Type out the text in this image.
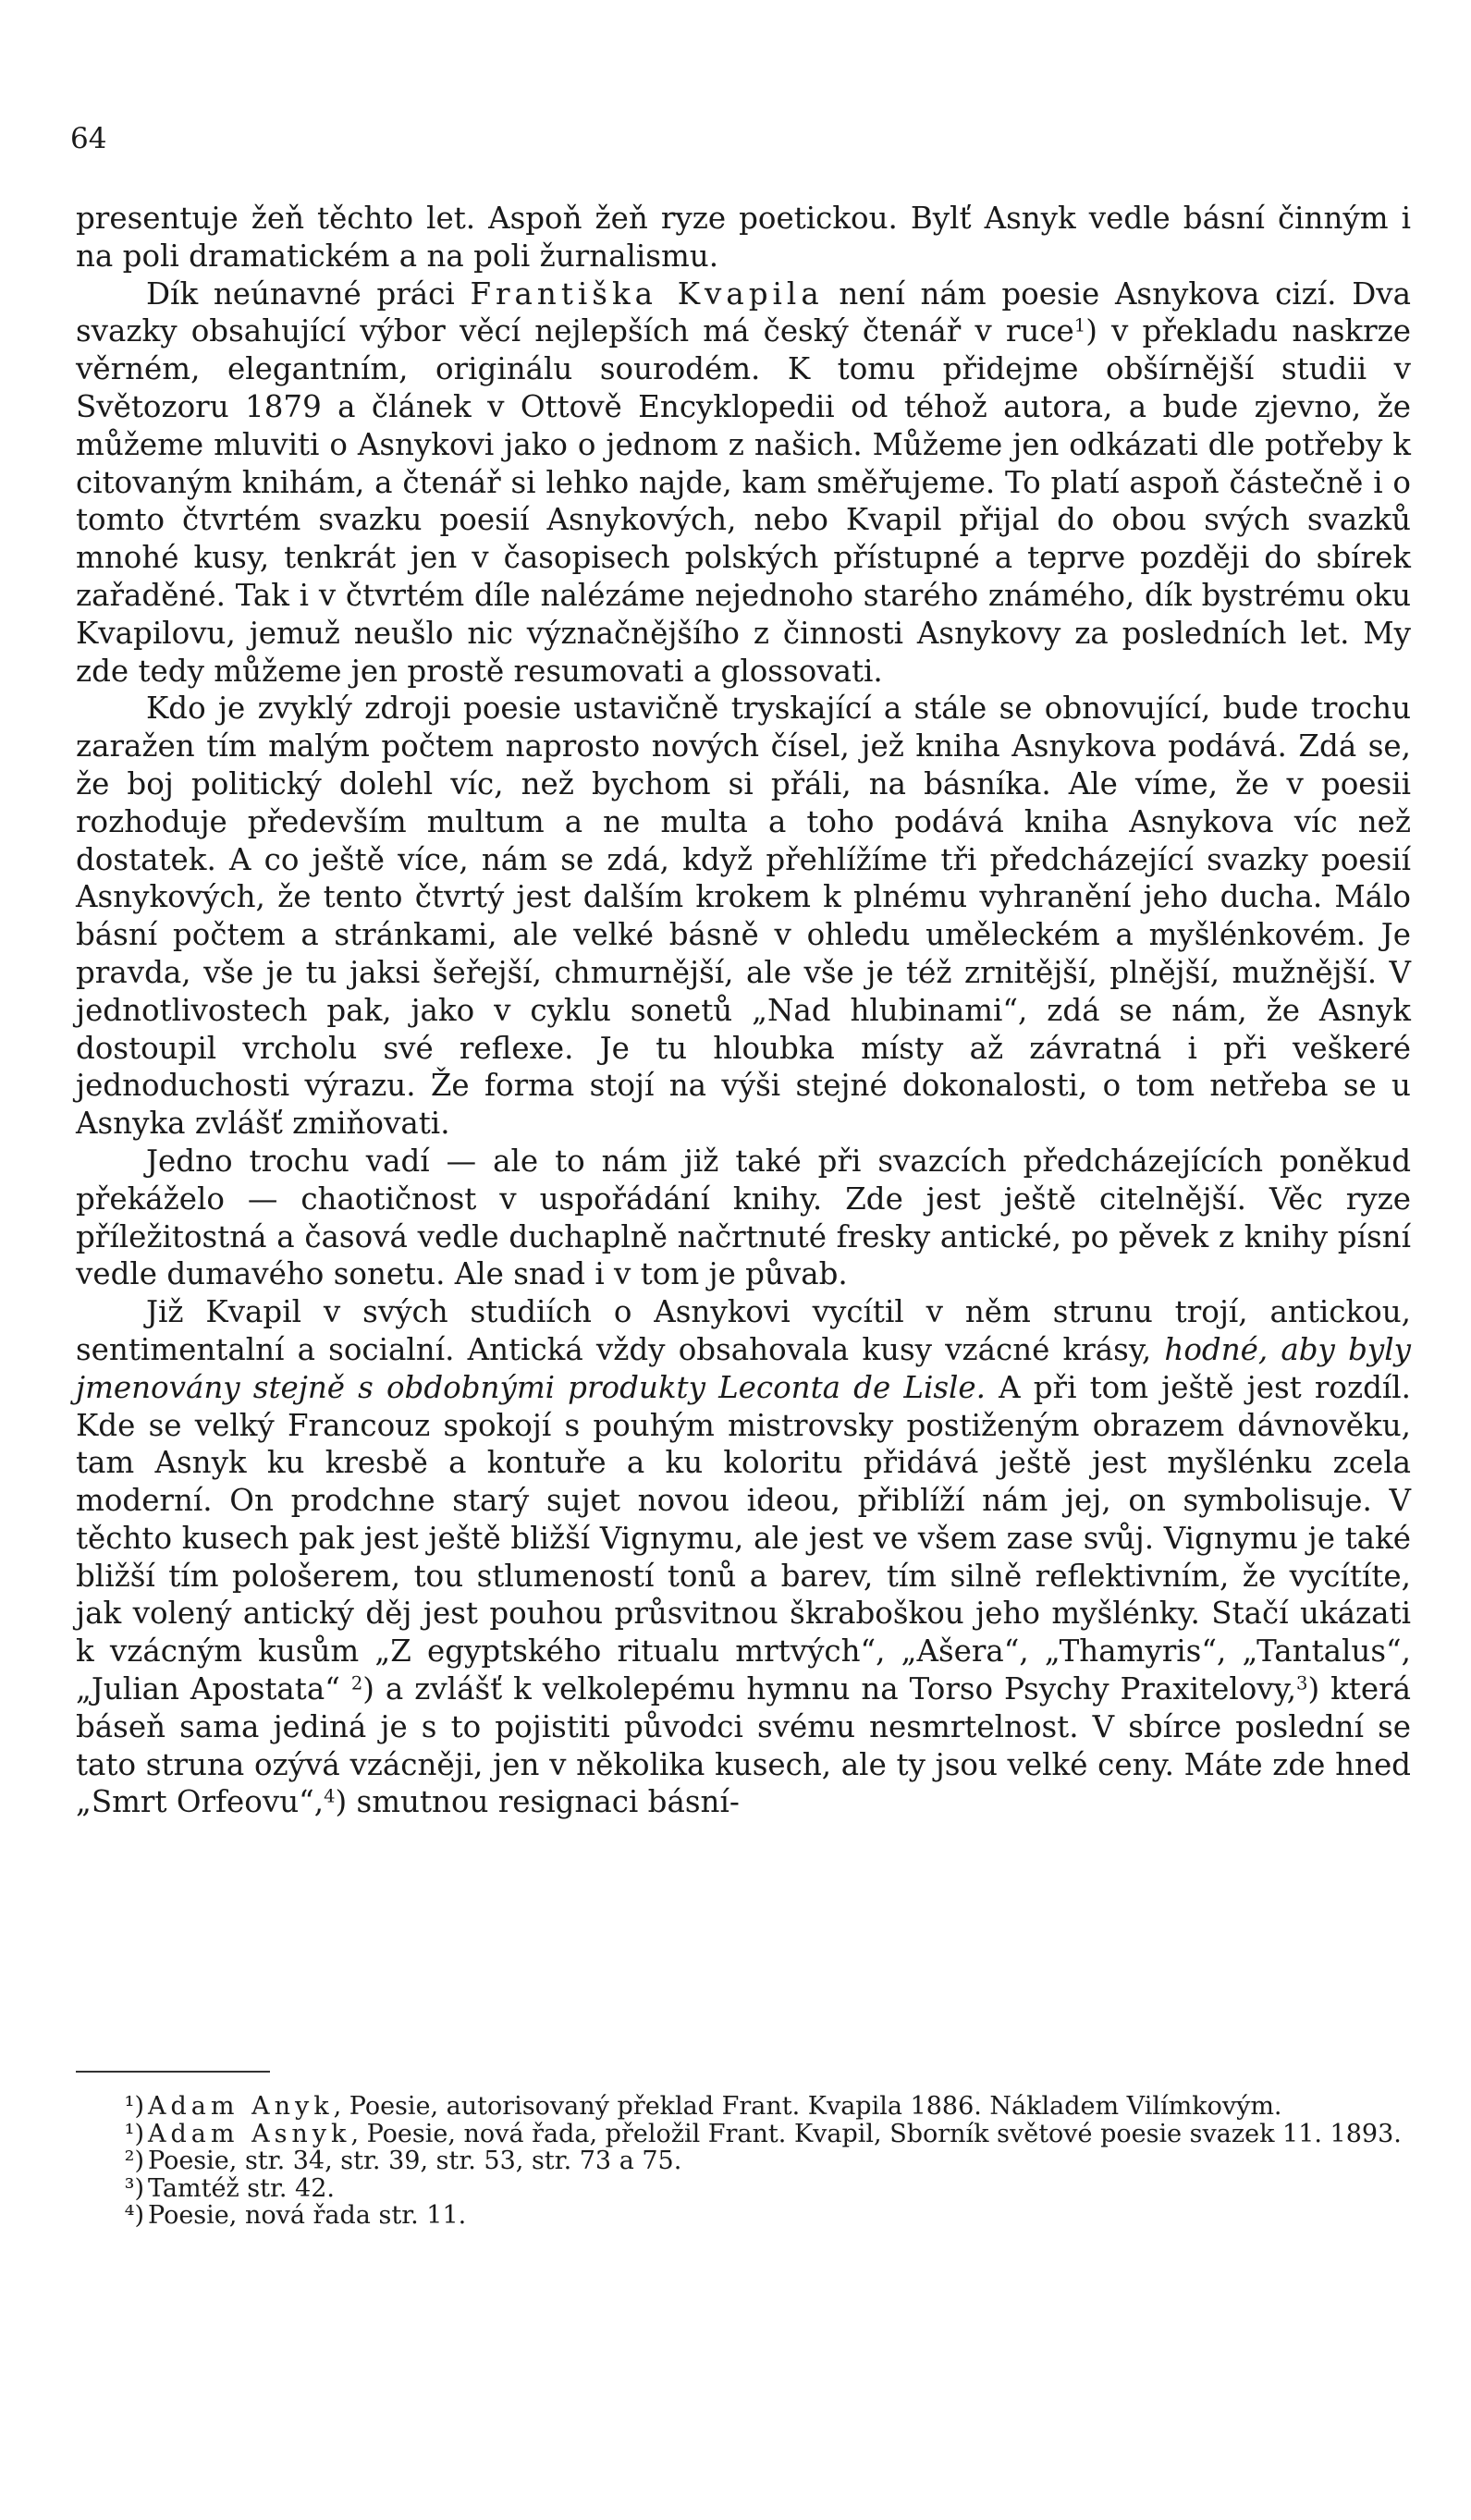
64

presentuje žeň těchto let. Aspoň žeň ryze poetickou. Bylť Asnyk vedle básní činným i na poli dramatickém a na poli žurnalismu.

Dík neúnavné práci Františka Kvapila není nám poesie Asnykova cizí. Dva svazky obsahující výbor věcí nejlepších má český čtenář v ruce$^1$) v překladu naskrze věrném, elegantním, originálu sourodém. K tomu přidejme obšírnější studii v Světozoru 1879 a článek v Ottově Encyklopedii od téhož autora, a bude zjevno, že můžeme mluviti o Asnykovi jako o jednom z našich. Můžeme jen odkázati dle potřeby k citovaným knihám, a čtenář si lehko najde, kam směřujeme. To platí aspoň částečně i o tomto čtvrtém svazku poesií Asnykových, nebo Kvapil přijal do obou svých svazků mnohé kusy, tenkrát jen v časopisech polských přístupné a teprve později do sbírek zařaděné. Tak i v čtvrtém díle nalézáme nejednoho starého známého, dík bystrému oku Kvapilovu, jemuž neušlo nic význačnějšího z činnosti Asnykovy za posledních let. My zde tedy můžeme jen prostě resumovati a glossovati.

Kdo je zvyklý zdroji poesie ustavičně tryskající a stále se obnovující, bude trochu zaražen tím malým počtem naprosto nových čísel, jež kniha Asnykova podává. Zdá se, že boj politický dolehl víc, než bychom si přáli, na básníka. Ale víme, že v poesii rozhoduje především multum a ne multa a toho podává kniha Asnykova víc než dostatek. A co ještě více, nám se zdá, když přehlížíme tři předcházející svazky poesií Asnykových, že tento čtvrtý jest dalším krokem k plnému vyhranění jeho ducha. Málo básní počtem a stránkami, ale velké básně v ohledu uměleckém a myšlénkovém. Je pravda, vše je tu jaksi šeřejší, chmurnější, ale vše je též zrnitější, plnější, mužnější. V jednotlivostech pak, jako v cyklu sonetů „Nad hlubinami“, zdá se nám, že Asnyk dostoupil vrcholu své reflexe. Je tu hloubka místy až závratná i při veškeré jednoduchosti výrazu. Že forma stojí na výši stejné dokonalosti, o tom netřeba se u Asnyka zvlášť zmiňovati.

Jedno trochu vadí — ale to nám již také při svazcích předcházejících poněkud překáželo — chaotičnost v uspořádání knihy. Zde jest ještě citelnější. Věc ryze příležitostná a časová vedle duchaplně načrtnuté fresky antické, po pěvek z knihy písní vedle dumavého sonetu. Ale snad i v tom je půvab.

Již Kvapil v svých studiích o Asnykovi vycítil v něm strunu trojí, antickou, sentimentalní a socialní. Antická vždy obsahovala kusy vzácné krásy, hodné, aby byly jmenovány stejně s obdobnými produkty Leconta de Lisle. A při tom ještě jest rozdíl. Kde se velký Francouz spokojí s pouhým mistrovsky postiženým obrazem dávnověku, tam Asnyk ku kresbě a kontuře a ku koloritu přidává ještě jest myšlénku zcela moderní. On prodchne starý sujet novou ideou, přiblíží nám jej, on symbolisuje. V těchto kusech pak jest ještě bližší Vignymu, ale jest ve všem zase svůj. Vignymu je také bližší tím pološerem, tou stlumeností tonů a barev, tím silně reflektivním, že vycítíte, jak volený antický děj jest pouhou průsvitnou škraboškou jeho myšlénky. Stačí ukázati k vzácným kusům „Z egyptského ritualu mrtvých“, „Ašera“, „Thamyris“, „Tantalus“, „Julian Apostata“ $^2$) a zvlášť k velkolepému hymnu na Torso Psychy Praxitelovy,$^3$) která báseň sama jediná je s to pojistiti původci svému nesmrtelnost. V sbírce poslední se tato struna ozývá vzácněji, jen v několika kusech, ale ty jsou velké ceny. Máte zde hned „Smrt Orfeovu“,$^4$) smutnou resignaci básní-

¹) Adam Anyk, Poesie, autorisovaný překlad Frant. Kvapila 1886. Nákladem Vilímkovým.

¹) Adam Asnyk, Poesie, nová řada, přeložil Frant. Kvapil, Sborník světové poesie svazek 11. 1893.

²) Poesie, str. 34, str. 39, str. 53, str. 73 a 75.

³) Tamtéž str. 42.

⁴) Poesie, nová řada str. 11.
